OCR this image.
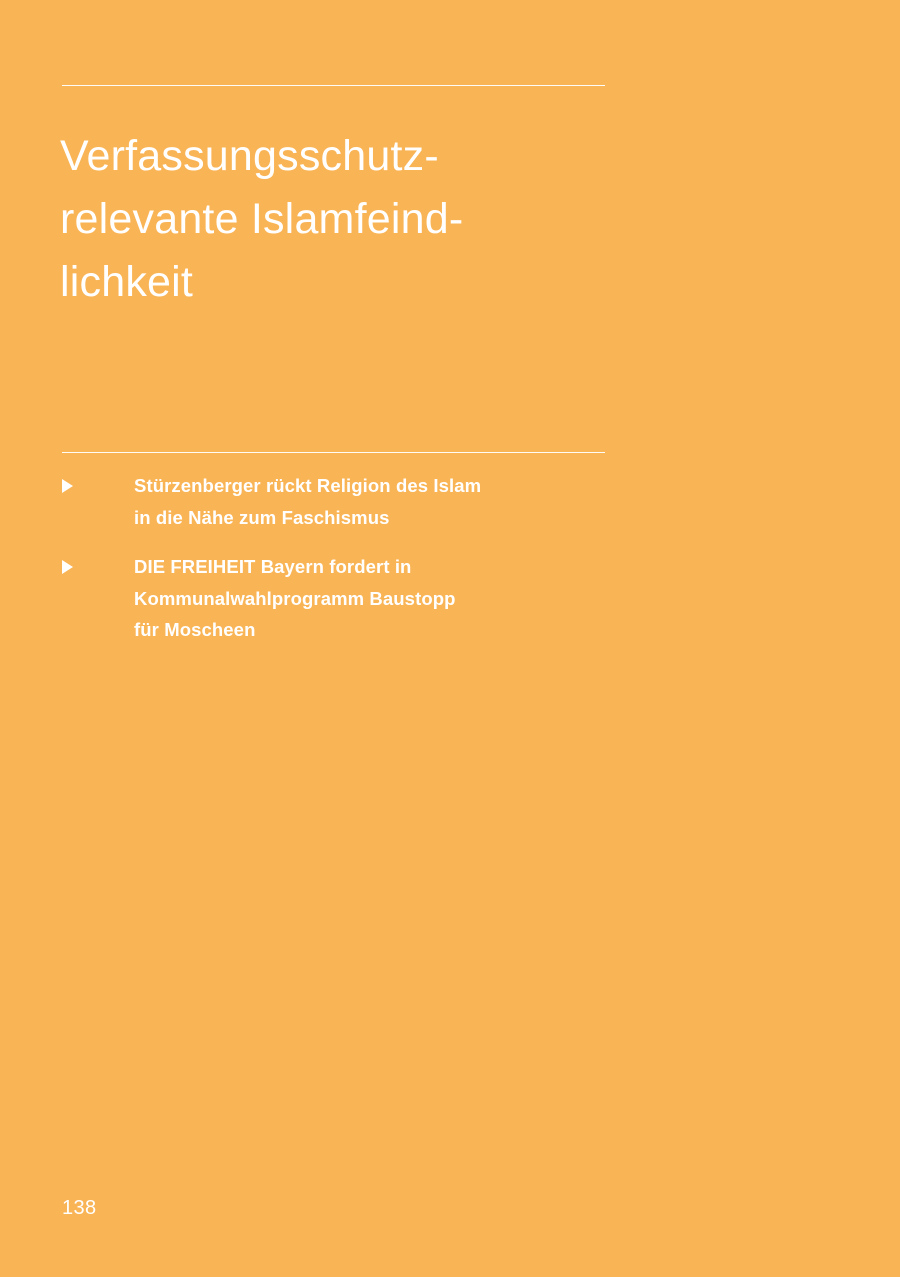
Verfassungsschutz-
relevante Islamfeind-
lichkeit
Stürzenberger rückt Religion des Islam
in die Nähe zum Faschismus
DIE FREIHEIT Bayern fordert in
Kommunalwahlprogramm Baustopp
für Moscheen
138
